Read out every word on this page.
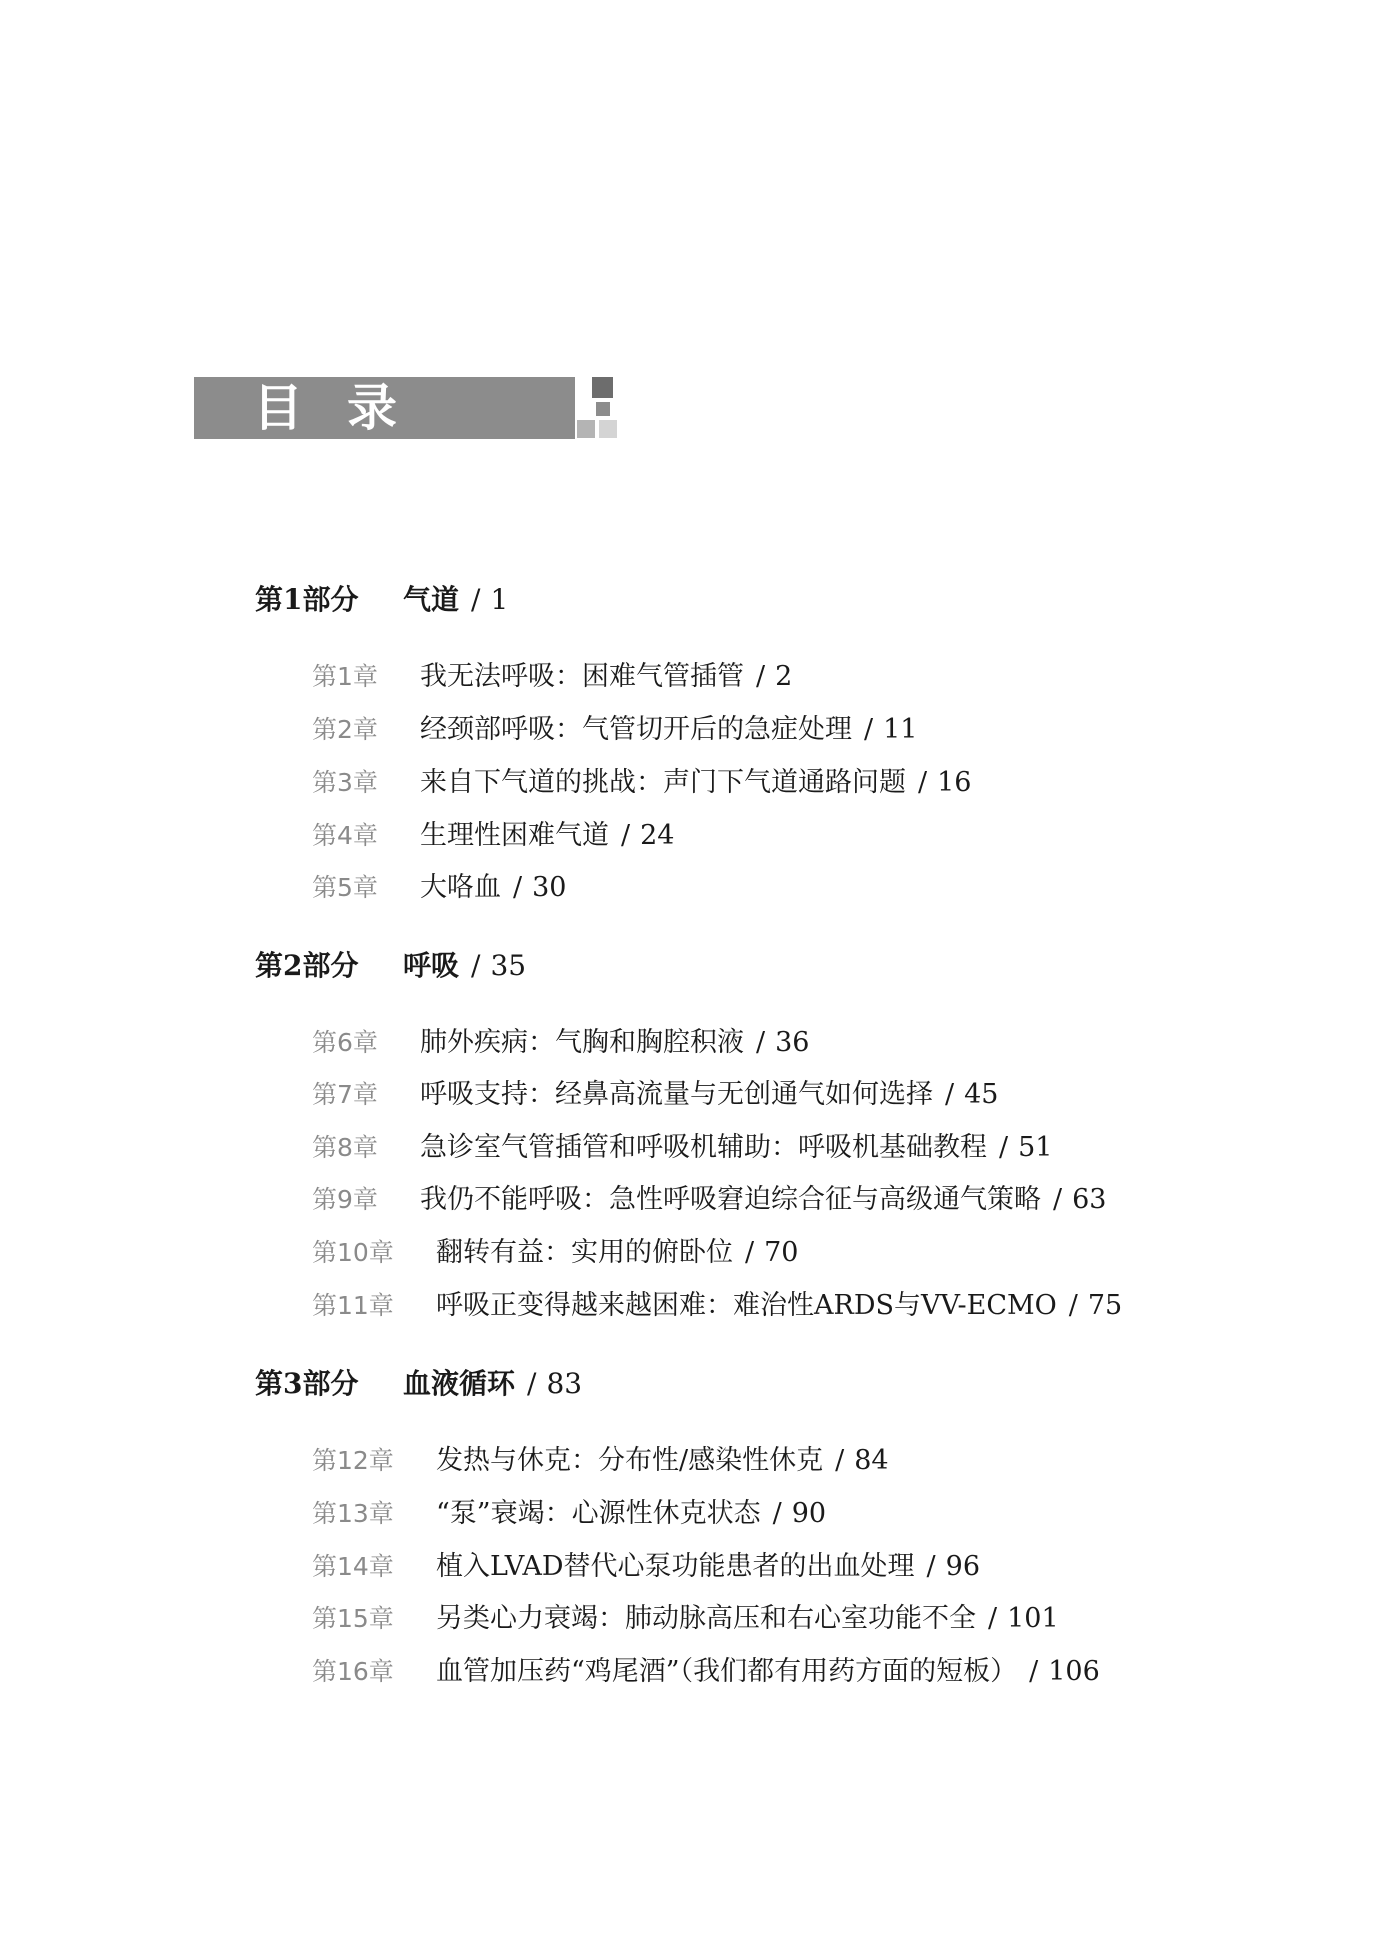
目录
第1部分 气道 / 1
第1章 我无法呼吸：困难气管插管 / 2
第2章 经颈部呼吸：气管切开后的急症处理 / 11
第3章 来自下气道的挑战：声门下气道通路问题 / 16
第4章 生理性困难气道 / 24
第5章 大咯血 / 30
第2部分 呼吸 / 35
第6章 肺外疾病：气胸和胸腔积液 / 36
第7章 呼吸支持：经鼻高流量与无创通气如何选择 / 45
第8章 急诊室气管插管和呼吸机辅助：呼吸机基础教程 / 51
第9章 我仍不能呼吸：急性呼吸窘迫综合征与高级通气策略 / 63
第10章 翻转有益：实用的俯卧位 / 70
第11章 呼吸正变得越来越困难：难治性ARDS与VV-ECMO / 75
第3部分 血液循环 / 83
第12章 发热与休克：分布性/感染性休克 / 84
第13章 “泵”衰竭：心源性休克状态 / 90
第14章 植入LVAD替代心泵功能患者的出血处理 / 96
第15章 另类心力衰竭：肺动脉高压和右心室功能不全 / 101
第16章 血管加压药“鸡尾酒”（我们都有用药方面的短板） / 106
